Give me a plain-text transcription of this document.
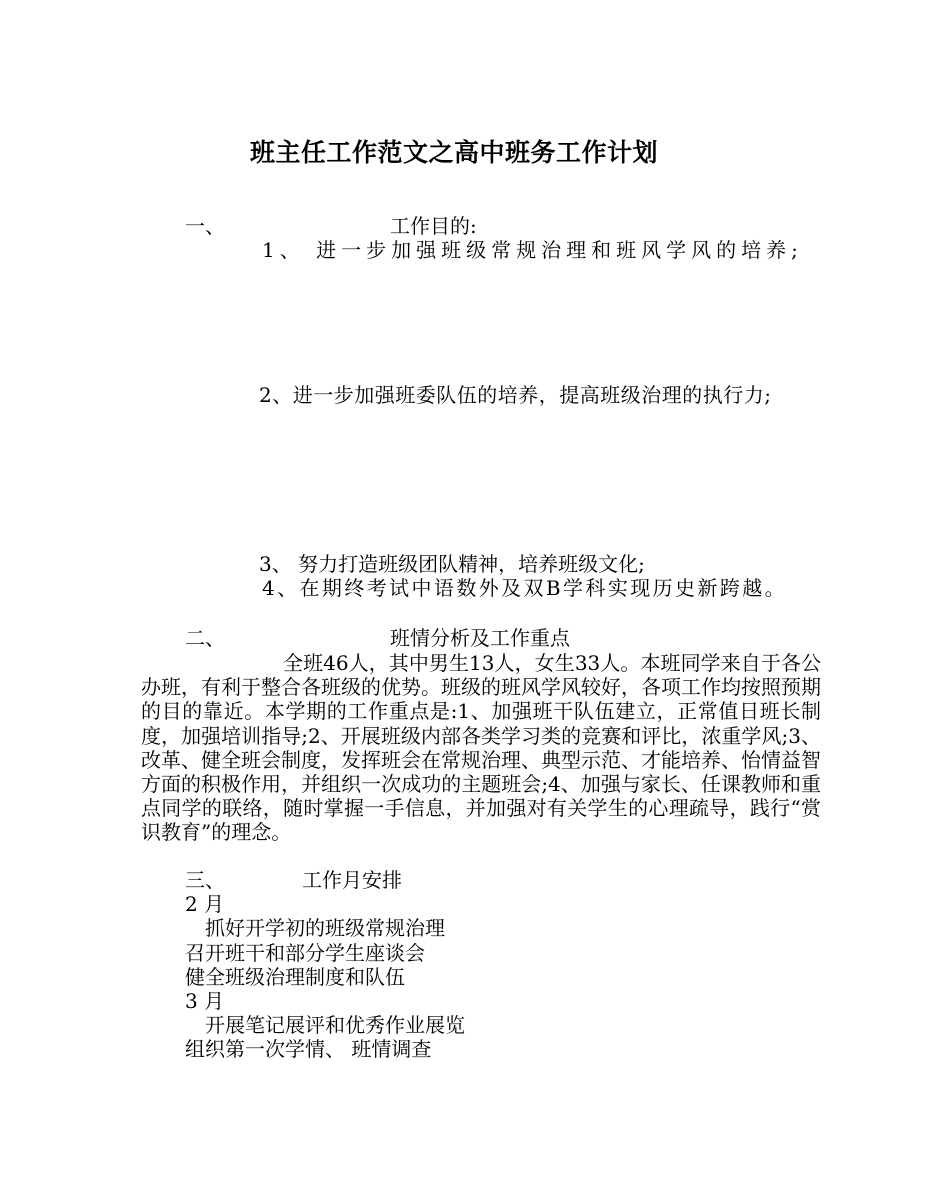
班主任工作范文之高中班务工作计划
一、	工作目的:
1、 进一步加强班级常规治理和班风学风的培养;
2、进一步加强班委队伍的培养，提高班级治理的执行力;
3、 努力打造班级团队精神，培养班级文化;
4、在期终考试中语数外及双B学科实现历史新跨越。
二、	班情分析及工作重点
全班46人，其中男生13人，女生33人。本班同学来自于各公办班，有利于整合各班级的优势。班级的班风学风较好，各项工作均按照预期的目的靠近。本学期的工作重点是:1、加强班干队伍建立，正常值日班长制度，加强培训指导;2、开展班级内部各类学习类的竞赛和评比，浓重学风;3、改革、健全班会制度，发挥班会在常规治理、典型示范、才能培养、怡情益智方面的积极作用，并组织一次成功的主题班会;4、加强与家长、任课教师和重点同学的联络，随时掌握一手信息，并加强对有关学生的心理疏导，践行“赏识教育”的理念。
三、	工作月安排
2 月
抓好开学初的班级常规治理
召开班干和部分学生座谈会
健全班级治理制度和队伍
3 月
开展笔记展评和优秀作业展览
组织第一次学情、 班情调查
